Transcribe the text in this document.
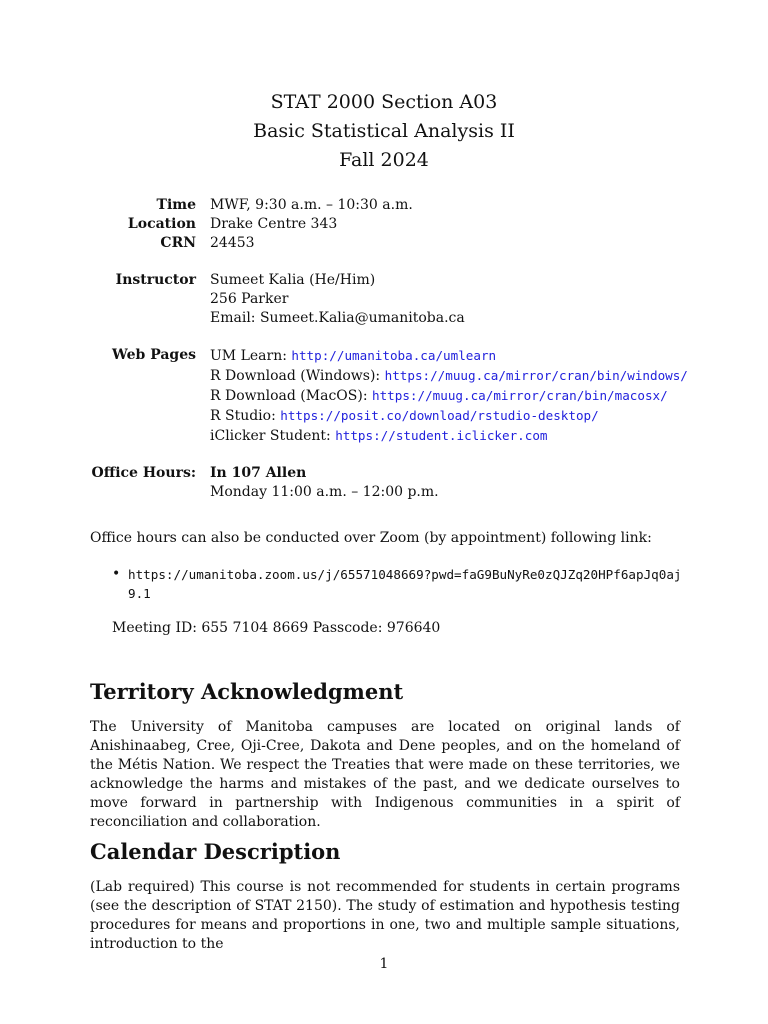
STAT 2000 Section A03
Basic Statistical Analysis II
Fall 2024
Time MWF, 9:30 a.m. – 10:30 a.m.
Location Drake Centre 343
CRN 24453
Instructor Sumeet Kalia (He/Him)
256 Parker
Email: Sumeet.Kalia@umanitoba.ca
Web Pages UM Learn: http://umanitoba.ca/umlearn
R Download (Windows): https://muug.ca/mirror/cran/bin/windows/
R Download (MacOS): https://muug.ca/mirror/cran/bin/macosx/
R Studio: https://posit.co/download/rstudio-desktop/
iClicker Student: https://student.iclicker.com
Office Hours: In 107 Allen
Monday 11:00 a.m. – 12:00 p.m.
Office hours can also be conducted over Zoom (by appointment) following link:
• https://umanitoba.zoom.us/j/65571048669?pwd=faG9BuNyRe0zQJZq20HPf6apJq0aj9.1
Meeting ID: 655 7104 8669 Passcode: 976640
Territory Acknowledgment
The University of Manitoba campuses are located on original lands of Anishinaabeg, Cree, Oji-Cree, Dakota and Dene peoples, and on the homeland of the Métis Nation. We respect the Treaties that were made on these territories, we acknowledge the harms and mistakes of the past, and we dedicate ourselves to move forward in partnership with Indigenous communities in a spirit of reconciliation and collaboration.
Calendar Description
(Lab required) This course is not recommended for students in certain programs (see the description of STAT 2150). The study of estimation and hypothesis testing procedures for means and proportions in one, two and multiple sample situations, introduction to the
1
